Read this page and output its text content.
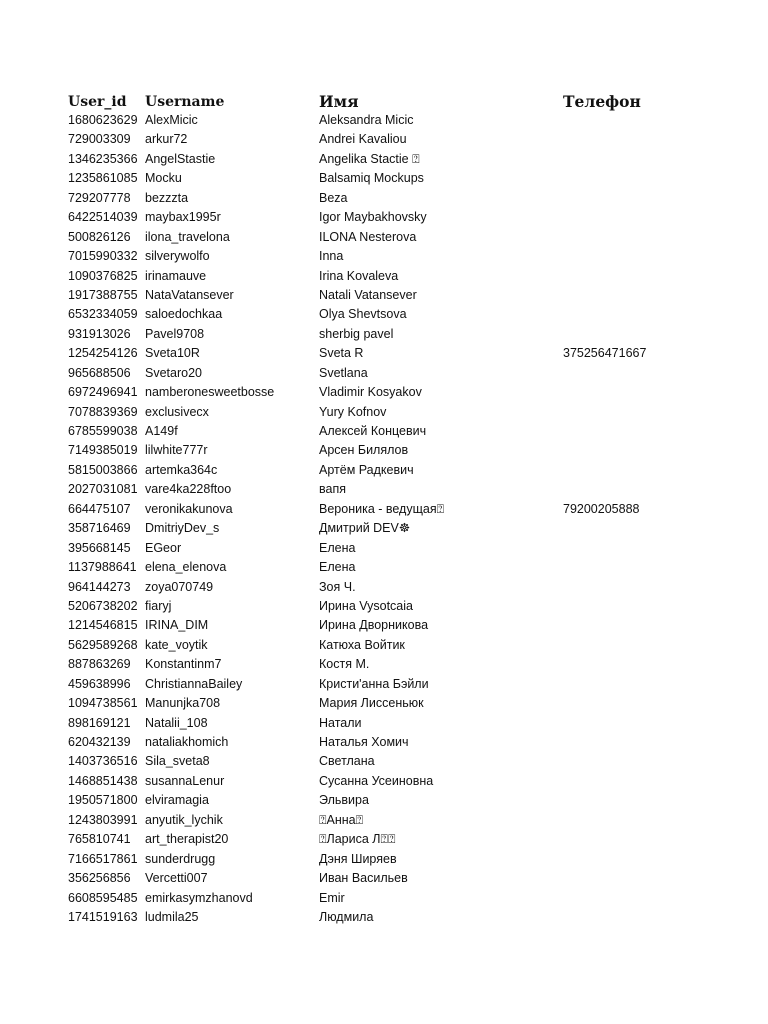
User_id Username	Имя	Телефон
1680623629 AlexMicic	Aleksandra Micic
729003309 arkur72	Andrei Kavaliou
1346235366 AngelStastie	Angelika Stactie ⍰
1235861085 Mocku	Balsamiq Mockups
729207778 bezzzta	Beza
6422514039 maybax1995r	Igor Maybakhovsky
500826126 ilona_travelona	ILONA Nesterova
7015990332 silverywolfo	Inna
1090376825 irinamauve	Irina Kovaleva
1917388755 NataVatansever	Natali Vatansever
6532334059 saloedochkaa	Olya Shevtsova
931913026 Pavel9708	sherbig pavel
1254254126 Sveta10R	Sveta R	375256471667
965688506 Svetaro20	Svetlana
6972496941 namberonesweetbosse	Vladimir Kosyakov
7078839369 exclusivecx	Yury Kofnov
6785599038 A149f	Алексей Концевич
7149385019 lilwhite777r	Арсен Билялов
5815003866 artemka364c	Артём Радкевич
2027031081 vare4ka228ftoo	вапя
664475107 veronikakunova	Вероника - ведущая⍰	79200205888
358716469 DmitriyDev_s	Дмитрий DEV☸
395668145 EGeor	Елена
1137988641 elena_elenova	Елена
964144273 zoya070749	Зоя Ч.
5206738202 fiaryj	Ирина Vysotcaia
1214546815 IRINA_DIM	Ирина Дворникова
5629589268 kate_voytik	Катюха Войтик
887863269 Konstantinm7	Костя М.
459638996 ChristiannaBailey	Кристи'анна Бэйли
1094738561 Manunjka708	Мария Лиссеньюк
898169121 Natalii_108	Натали
620432139 nataliakhomich	Наталья Хомич
1403736516 Sila_sveta8	Светлана
1468851438 susannaLenur	Сусанна Усеиновна
1950571800 elviramagia	Эльвира
1243803991 anyutik_lychik	⍰Анна⍰
765810741 art_therapist20	⍰Лариса Л⍰⍰
7166517861 sunderdrugg	Дэня Ширяев
356256856 Vercetti007	Иван Васильев
6608595485 emirkasymzhanovd	Emir
1741519163 ludmila25	Людмила
